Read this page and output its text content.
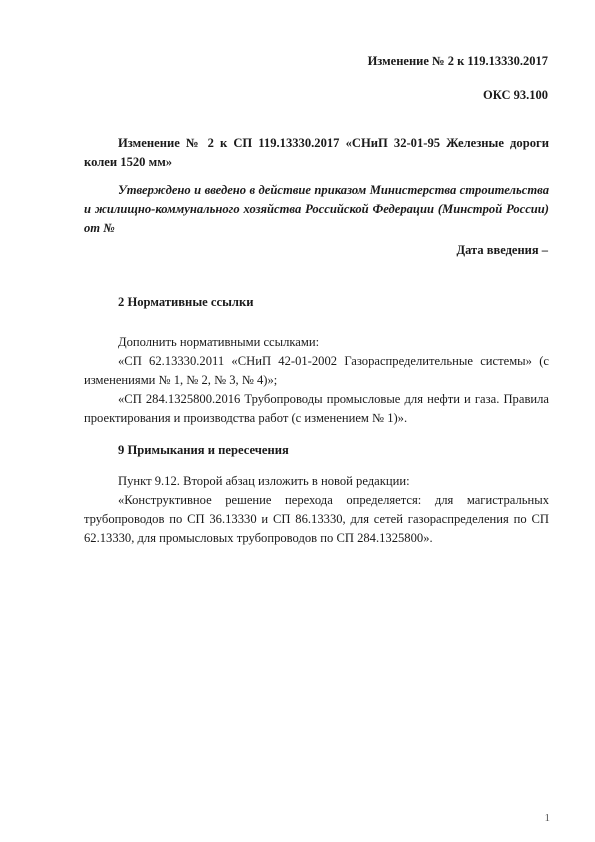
Изменение № 2 к 119.13330.2017

ОКС 93.100

Изменение № 2 к СП 119.13330.2017 «СНиП 32-01-95 Железные дороги колеи 1520 мм»

Утверждено и введено в действие приказом Министерства строительства и жилищно-коммунального хозяйства Российской Федерации (Минстрой России) от №

Дата введения –

2 Нормативные ссылки

Дополнить нормативными ссылками:

«СП 62.13330.2011 «СНиП 42-01-2002 Газораспределительные системы» (с изменениями № 1, № 2, № 3, № 4)»;

«СП 284.1325800.2016 Трубопроводы промысловые для нефти и газа. Правила проектирования и производства работ (с изменением № 1)».

9 Примыкания и пересечения

Пункт 9.12. Второй абзац изложить в новой редакции:

«Конструктивное решение перехода определяется: для магистральных трубопроводов по СП 36.13330 и СП 86.13330, для сетей газораспределения по СП 62.13330, для промысловых трубопроводов по СП 284.1325800».

1
